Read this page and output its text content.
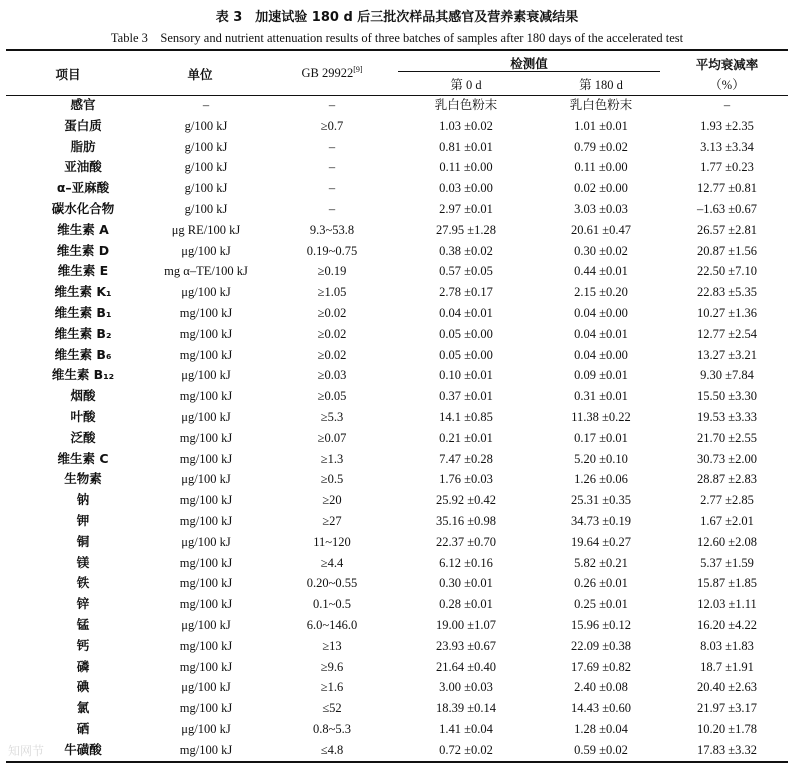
表 3　加速试验 180 d 后三批次样品其感官及营养素衰减结果
Table 3　Sensory and nutrient attenuation results of three batches of samples after 180 days of the accelerated test
项目	单位	GB 29922[9]	检测值
第 0 d	第 180 d
平均衰减率
（%）
感官	–	–	乳白色粉末	乳白色粉末	–
蛋白质	g/100 kJ	≥0.7	1.03 ±0.02	1.01 ±0.01	1.93 ±2.35
脂肪	g/100 kJ	–	0.81 ±0.01	0.79 ±0.02	3.13 ±3.34
亚油酸	g/100 kJ	–	0.11 ±0.00	0.11 ±0.00	1.77 ±0.23
α–亚麻酸	g/100 kJ	–	0.03 ±0.00	0.02 ±0.00	12.77 ±0.81
碳水化合物	g/100 kJ	–	2.97 ±0.01	3.03 ±0.03	–1.63 ±0.67
维生素 A	μg RE/100 kJ	9.3~53.8	27.95 ±1.28	20.61 ±0.47	26.57 ±2.81
维生素 D	μg/100 kJ	0.19~0.75	0.38 ±0.02	0.30 ±0.02	20.87 ±1.56
维生素 E	mg α–TE/100 kJ	≥0.19	0.57 ±0.05	0.44 ±0.01	22.50 ±7.10
维生素 K₁	μg/100 kJ	≥1.05	2.78 ±0.17	2.15 ±0.20	22.83 ±5.35
维生素 B₁	mg/100 kJ	≥0.02	0.04 ±0.01	0.04 ±0.00	10.27 ±1.36
维生素 B₂	mg/100 kJ	≥0.02	0.05 ±0.00	0.04 ±0.01	12.77 ±2.54
维生素 B₆	mg/100 kJ	≥0.02	0.05 ±0.00	0.04 ±0.00	13.27 ±3.21
维生素 B₁₂	μg/100 kJ	≥0.03	0.10 ±0.01	0.09 ±0.01	9.30 ±7.84
烟酸	mg/100 kJ	≥0.05	0.37 ±0.01	0.31 ±0.01	15.50 ±3.30
叶酸	μg/100 kJ	≥5.3	14.1 ±0.85	11.38 ±0.22	19.53 ±3.33
泛酸	mg/100 kJ	≥0.07	0.21 ±0.01	0.17 ±0.01	21.70 ±2.55
维生素 C	mg/100 kJ	≥1.3	7.47 ±0.28	5.20 ±0.10	30.73 ±2.00
生物素	μg/100 kJ	≥0.5	1.76 ±0.03	1.26 ±0.06	28.87 ±2.83
钠	mg/100 kJ	≥20	25.92 ±0.42	25.31 ±0.35	2.77 ±2.85
钾	mg/100 kJ	≥27	35.16 ±0.98	34.73 ±0.19	1.67 ±2.01
铜	μg/100 kJ	11~120	22.37 ±0.70	19.64 ±0.27	12.60 ±2.08
镁	mg/100 kJ	≥4.4	6.12 ±0.16	5.82 ±0.21	5.37 ±1.59
铁	mg/100 kJ	0.20~0.55	0.30 ±0.01	0.26 ±0.01	15.87 ±1.85
锌	mg/100 kJ	0.1~0.5	0.28 ±0.01	0.25 ±0.01	12.03 ±1.11
锰	μg/100 kJ	6.0~146.0	19.00 ±1.07	15.96 ±0.12	16.20 ±4.22
钙	mg/100 kJ	≥13	23.93 ±0.67	22.09 ±0.38	8.03 ±1.83
磷	mg/100 kJ	≥9.6	21.64 ±0.40	17.69 ±0.82	18.7 ±1.91
碘	μg/100 kJ	≥1.6	3.00 ±0.03	2.40 ±0.08	20.40 ±2.63
氯	mg/100 kJ	≤52	18.39 ±0.14	14.43 ±0.60	21.97 ±3.17
硒	μg/100 kJ	0.8~5.3	1.41 ±0.04	1.28 ±0.04	10.20 ±1.78
牛磺酸	mg/100 kJ	≤4.8	0.72 ±0.02	0.59 ±0.02	17.83 ±3.32
知网节
